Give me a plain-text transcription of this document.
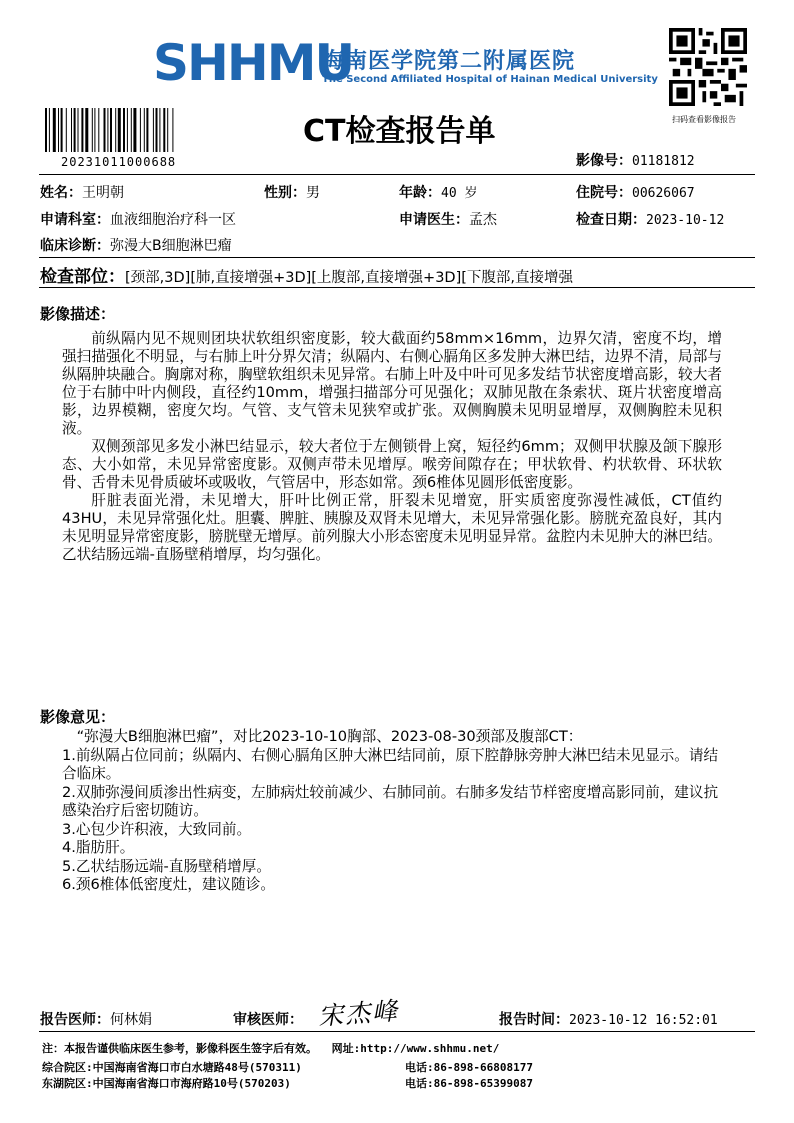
SHHMU
海南医学院第二附属医院
The Second Affiliated Hospital of Hainan Medical University
扫码查看影像报告
20231011000688
CT检查报告单
影像号：01181812
姓名：王明朝	性别：男	年龄：40 岁	住院号：00626067
申请科室：血液细胞治疗科一区	申请医生：孟杰	检查日期：2023-10-12
临床诊断：弥漫大B细胞淋巴瘤
检查部位：[颈部,3D][肺,直接增强+3D][上腹部,直接增强+3D][下腹部,直接增强
影像描述：

前纵隔内见不规则团块状软组织密度影，较大截面约58mm×16mm，边界欠清，密度不均，增强扫描强化不明显，与右肺上叶分界欠清；纵隔内、右侧心膈角区多发肿大淋巴结，边界不清，局部与纵隔肿块融合。胸廓对称，胸壁软组织未见异常。右肺上叶及中叶可见多发结节状密度增高影，较大者位于右肺中叶内侧段，直径约10mm，增强扫描部分可见强化；双肺见散在条索状、斑片状密度增高影，边界模糊，密度欠均。气管、支气管未见狭窄或扩张。双侧胸膜未见明显增厚，双侧胸腔未见积液。

双侧颈部见多发小淋巴结显示，较大者位于左侧锁骨上窝，短径约6mm；双侧甲状腺及颌下腺形态、大小如常，未见异常密度影。双侧声带未见增厚。喉旁间隙存在；甲状软骨、杓状软骨、环状软骨、舌骨未见骨质破坏或吸收，气管居中，形态如常。颈6椎体见圆形低密度影。

肝脏表面光滑，未见增大，肝叶比例正常，肝裂未见增宽，肝实质密度弥漫性减低，CT值约43HU，未见异常强化灶。胆囊、脾脏、胰腺及双肾未见增大，未见异常强化影。膀胱充盈良好，其内未见明显异常密度影，膀胱壁无增厚。前列腺大小形态密度未见明显异常。盆腔内未见肿大的淋巴结。乙状结肠远端-直肠壁稍增厚，均匀强化。

影像意见：

“弥漫大B细胞淋巴瘤”，对比2023-10-10胸部、2023-08-30颈部及腹部CT：

1.前纵隔占位同前；纵隔内、右侧心膈角区肿大淋巴结同前，原下腔静脉旁肿大淋巴结未见显示。请结合临床。

2.双肺弥漫间质渗出性病变，左肺病灶较前减少、右肺同前。右肺多发结节样密度增高影同前，建议抗感染治疗后密切随访。

3.心包少许积液，大致同前。

4.脂肪肝。

5.乙状结肠远端-直肠壁稍增厚。

6.颈6椎体低密度灶，建议随诊。

报告医师：何林娟	审核医师： 宋杰峰	报告时间：2023-10-12 16:52:01
注：本报告谨供临床医生参考，影像科医生签字后有效。 网址:http://www.shhmu.net/
综合院区:中国海南省海口市白水塘路48号(570311)	电话:86-898-66808177
东湖院区:中国海南省海口市海府路10号(570203)	电话:86-898-65399087
